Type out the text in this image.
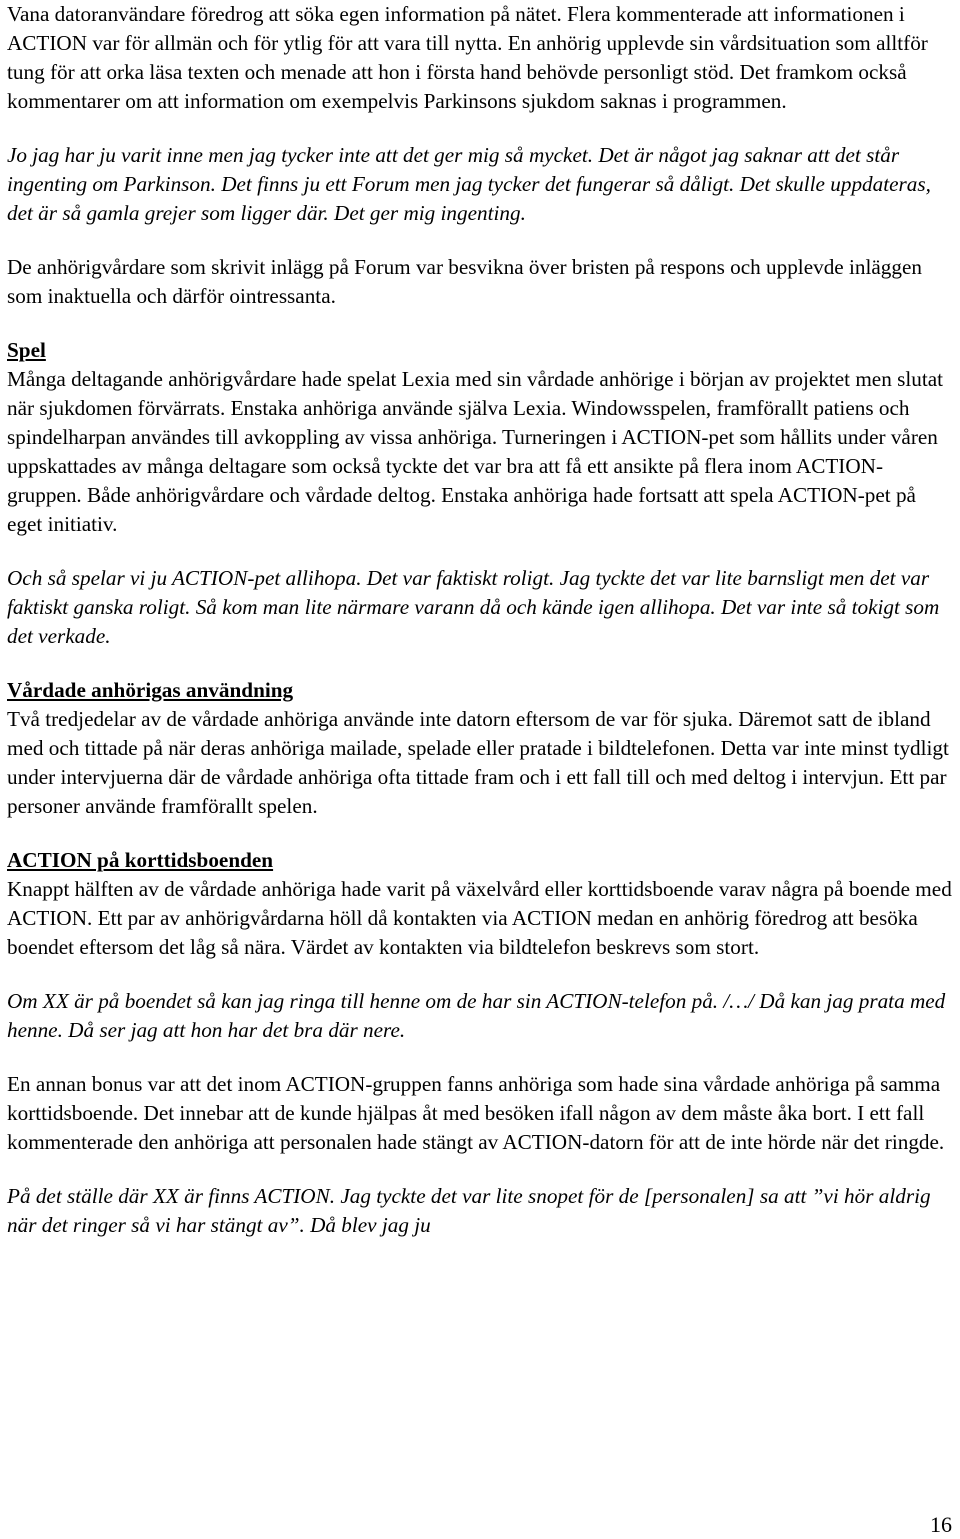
Vana datoranvändare föredrog att söka egen information på nätet. Flera kommenterade att informationen i ACTION var för allmän och för ytlig för att vara till nytta. En anhörig upplevde sin vårdsituation som alltför tung för att orka läsa texten och menade att hon i första hand behövde personligt stöd. Det framkom också kommentarer om att information om exempelvis Parkinsons sjukdom saknas i programmen.

Jo jag har ju varit inne men jag tycker inte att det ger mig så mycket. Det är något jag saknar att det står ingenting om Parkinson. Det finns ju ett Forum men jag tycker det fungerar så dåligt. Det skulle uppdateras, det är så gamla grejer som ligger där. Det ger mig ingenting.

De anhörigvårdare som skrivit inlägg på Forum var besvikna över bristen på respons och upplevde inläggen som inaktuella och därför ointressanta.

Spel

Många deltagande anhörigvårdare hade spelat Lexia med sin vårdade anhörige i början av projektet men slutat när sjukdomen förvärrats. Enstaka anhöriga använde själva Lexia. Windowsspelen, framförallt patiens och spindelharpan användes till avkoppling av vissa anhöriga. Turneringen i ACTION-pet som hållits under våren uppskattades av många deltagare som också tyckte det var bra att få ett ansikte på flera inom ACTION-gruppen. Både anhörigvårdare och vårdade deltog. Enstaka anhöriga hade fortsatt att spela ACTION-pet på eget initiativ.

Och så spelar vi ju ACTION-pet allihopa. Det var faktiskt roligt. Jag tyckte det var lite barnsligt men det var faktiskt ganska roligt. Så kom man lite närmare varann då och kände igen allihopa. Det var inte så tokigt som det verkade.

Vårdade anhörigas användning

Två tredjedelar av de vårdade anhöriga använde inte datorn eftersom de var för sjuka. Däremot satt de ibland med och tittade på när deras anhöriga mailade, spelade eller pratade i bildtelefonen. Detta var inte minst tydligt under intervjuerna där de vårdade anhöriga ofta tittade fram och i ett fall till och med deltog i intervjun. Ett par personer använde framförallt spelen.

ACTION på korttidsboenden

Knappt hälften av de vårdade anhöriga hade varit på växelvård eller korttidsboende varav några på boende med ACTION. Ett par av anhörigvårdarna höll då kontakten via ACTION medan en anhörig föredrog att besöka boendet eftersom det låg så nära. Värdet av kontakten via bildtelefon beskrevs som stort.

Om XX är på boendet så kan jag ringa till henne om de har sin ACTION-telefon på. /…/ Då kan jag prata med henne. Då ser jag att hon har det bra där nere.

En annan bonus var att det inom ACTION-gruppen fanns anhöriga som hade sina vårdade anhöriga på samma korttidsboende. Det innebar att de kunde hjälpas åt med besöken ifall någon av dem måste åka bort. I ett fall kommenterade den anhöriga att personalen hade stängt av ACTION-datorn för att de inte hörde när det ringde.

På det ställe där XX är finns ACTION. Jag tyckte det var lite snopet för de [personalen] sa att ”vi hör aldrig när det ringer så vi har stängt av”. Då blev jag ju

16
